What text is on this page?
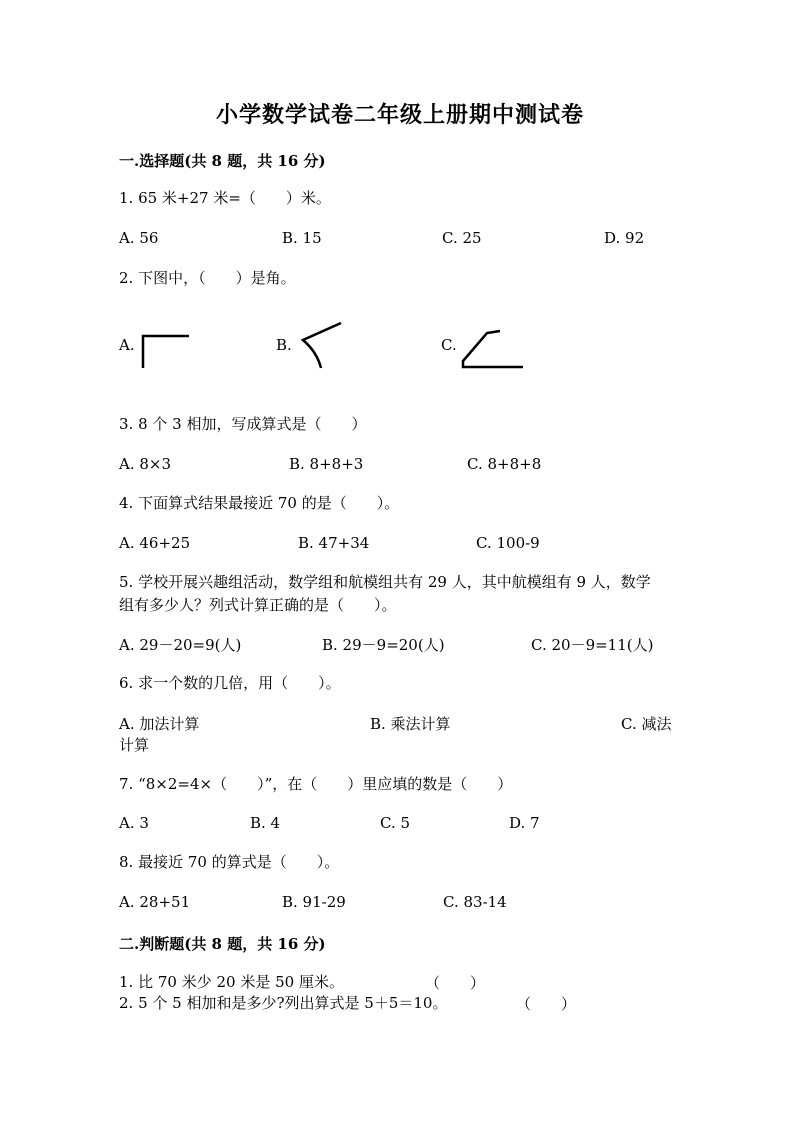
小学数学试卷二年级上册期中测试卷
一.选择题(共 8 题，共 16 分)
1. 65 米+27 米=（　　）米。
A. 56	B. 15	C. 25	D. 92
2. 下图中，（　　）是角。
A.	B.	C.
3. 8 个 3 相加，写成算式是（　　）
A. 8×3	B. 8+8+3	C. 8+8+8
4. 下面算式结果最接近 70 的是（　　）。
A. 46+25	B. 47+34	C. 100-9
5. 学校开展兴趣组活动，数学组和航模组共有 29 人，其中航模组有 9 人，数学
组有多少人？列式计算正确的是（　　）。
A. 29－20=9(人)	B. 29－9=20(人)	C. 20－9=11(人)
6. 求一个数的几倍，用（　　）。
A. 加法计算	B. 乘法计算	C. 减法
计算
7. “8×2=4×（　　）”，在（　　）里应填的数是（　　）
A. 3	B. 4	C. 5	D. 7
8. 最接近 70 的算式是（　　）。
A. 28+51	B. 91-29	C. 83-14
二.判断题(共 8 题，共 16 分)
1. 比 70 米少 20 米是 50 厘米。	（　　）
2. 5 个 5 相加和是多少?列出算式是 5＋5＝10。	（　　）
